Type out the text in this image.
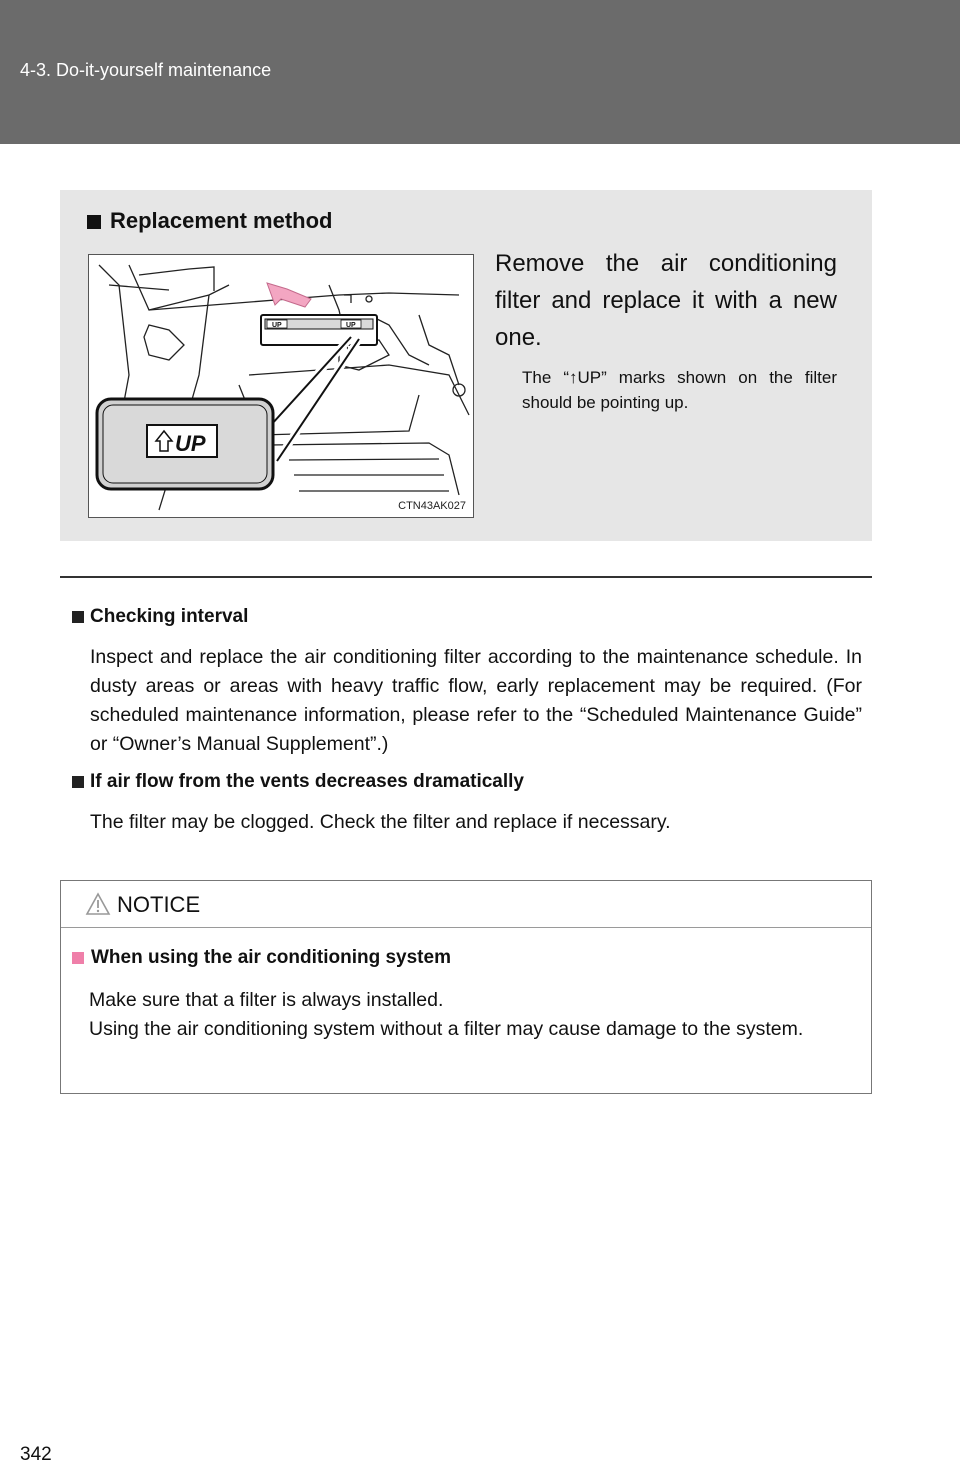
4-3. Do-it-yourself maintenance
Replacement method
UP	UP
UP
CTN43AK027
Remove the air conditioning filter and replace it with a new one.
The “↑UP” marks shown on the filter should be pointing up.
Checking interval
Inspect and replace the air conditioning filter according to the maintenance schedule. In dusty areas or areas with heavy traffic flow, early replacement may be required. (For scheduled maintenance information, please refer to the “Scheduled Maintenance Guide” or “Owner’s Manual Supplement”.)
If air flow from the vents decreases dramatically
The filter may be clogged. Check the filter and replace if necessary.
NOTICE
When using the air conditioning system
Make sure that a filter is always installed.
Using the air conditioning system without a filter may cause damage to the system.
342
